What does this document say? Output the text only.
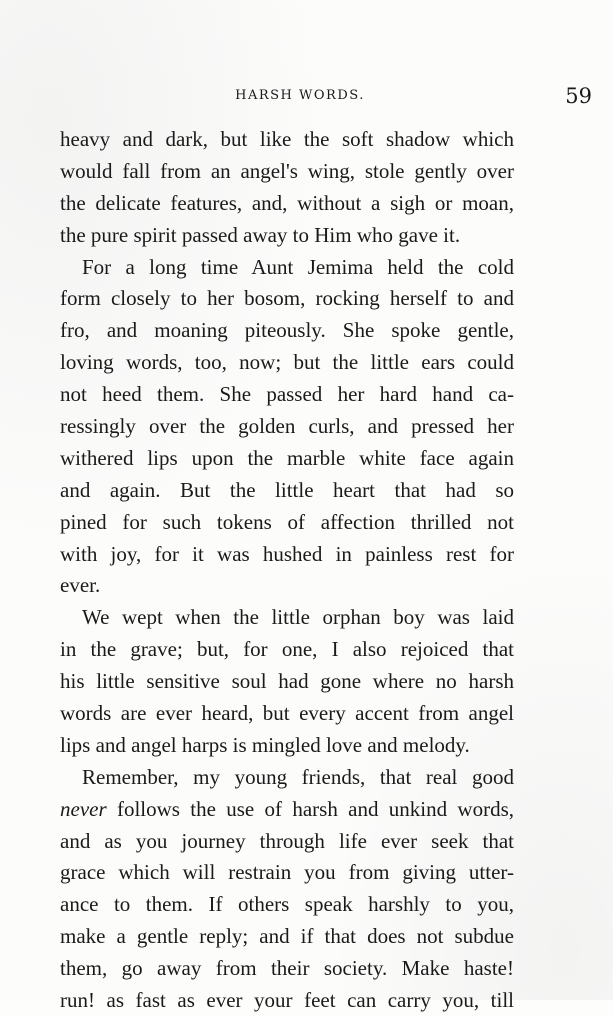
HARSH WORDS.	59
heavy and dark, but like the soft shadow which
would fall from an angel's wing, stole gently over
the delicate features, and, without a sigh or moan,
the pure spirit passed away to Him who gave it.
For a long time Aunt Jemima held the cold
form closely to her bosom, rocking herself to and
fro, and moaning piteously. She spoke gentle,
loving words, too, now; but the little ears could
not heed them. She passed her hard hand ca-
ressingly over the golden curls, and pressed her
withered lips upon the marble white face again
and again. But the little heart that had so
pined for such tokens of affection thrilled not
with joy, for it was hushed in painless rest for
ever.
We wept when the little orphan boy was laid
in the grave; but, for one, I also rejoiced that
his little sensitive soul had gone where no harsh
words are ever heard, but every accent from angel
lips and angel harps is mingled love and melody.
Remember, my young friends, that real good
never follows the use of harsh and unkind words,
and as you journey through life ever seek that
grace which will restrain you from giving utter-
ance to them. If others speak harshly to you,
make a gentle reply; and if that does not subdue
them, go away from their society. Make haste!
run! as fast as ever your feet can carry you, till
